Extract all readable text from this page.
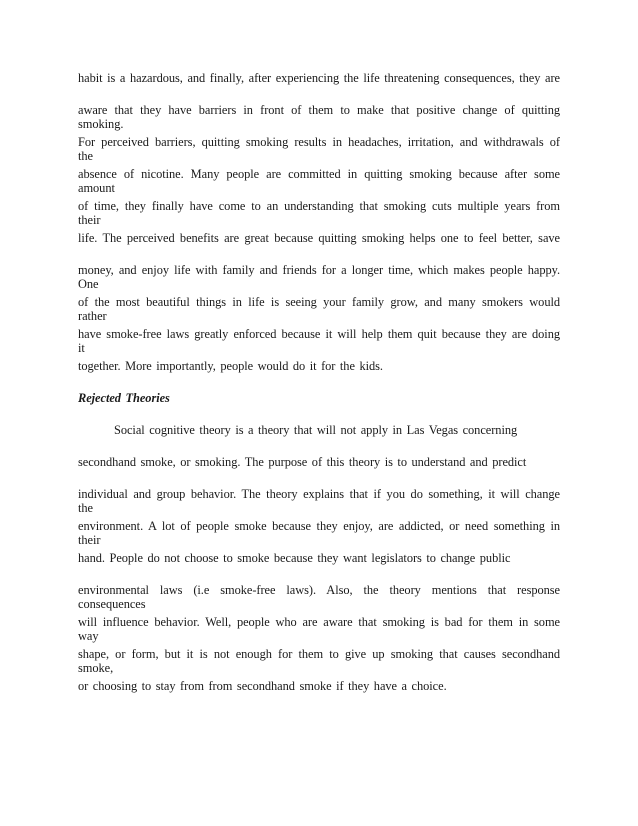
habit is a hazardous, and finally, after experiencing the life threatening consequences, they are
aware that they have barriers in front of them to make that positive change of quitting smoking.
For perceived barriers, quitting smoking results in headaches, irritation, and withdrawals of the
absence of nicotine. Many people are committed in quitting smoking because after some amount
of time, they finally have come to an understanding that smoking cuts multiple years from their
life. The perceived benefits are great because quitting smoking helps one to feel better, save
money, and enjoy life with family and friends for a longer time, which makes people happy. One
of the most beautiful things in life is seeing your family grow, and many smokers would rather
have smoke-free laws greatly enforced because it will help them quit because they are doing it
together. More importantly, people would do it for the kids.
Rejected Theories
Social cognitive theory is a theory that will not apply in Las Vegas concerning
secondhand smoke, or smoking. The purpose of this theory is to understand and predict
individual and group behavior. The theory explains that if you do something, it will change the
environment. A lot of people smoke because they enjoy, are addicted, or need something in their
hand. People do not choose to smoke because they want legislators to change public
environmental laws (i.e smoke-free laws). Also, the theory mentions that response consequences
will influence behavior. Well, people who are aware that smoking is bad for them in some way
shape, or form, but it is not enough for them to give up smoking that causes secondhand smoke,
or choosing to stay from from secondhand smoke if they have a choice.
